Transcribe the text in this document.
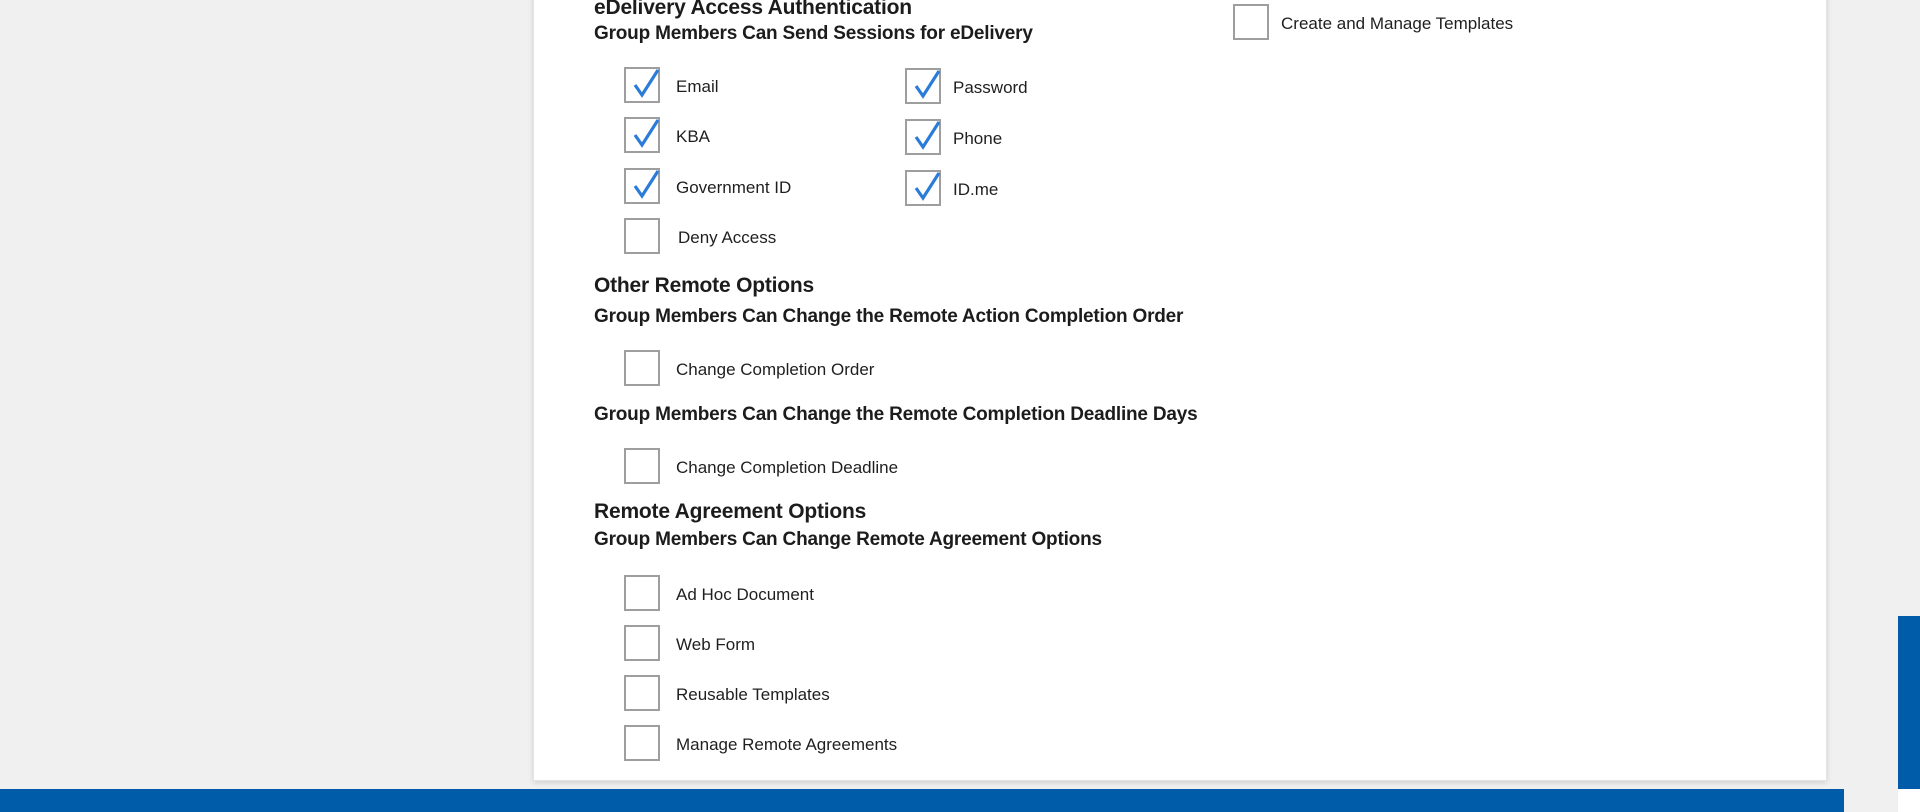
eDelivery Access Authentication
Group Members Can Send Sessions for eDelivery
Email
KBA
Government ID
Deny Access
Password
Phone
ID.me
Create and Manage Templates
Other Remote Options
Group Members Can Change the Remote Action Completion Order
Change Completion Order
Group Members Can Change the Remote Completion Deadline Days
Change Completion Deadline
Remote Agreement Options
Group Members Can Change Remote Agreement Options
Ad Hoc Document
Web Form
Reusable Templates
Manage Remote Agreements
